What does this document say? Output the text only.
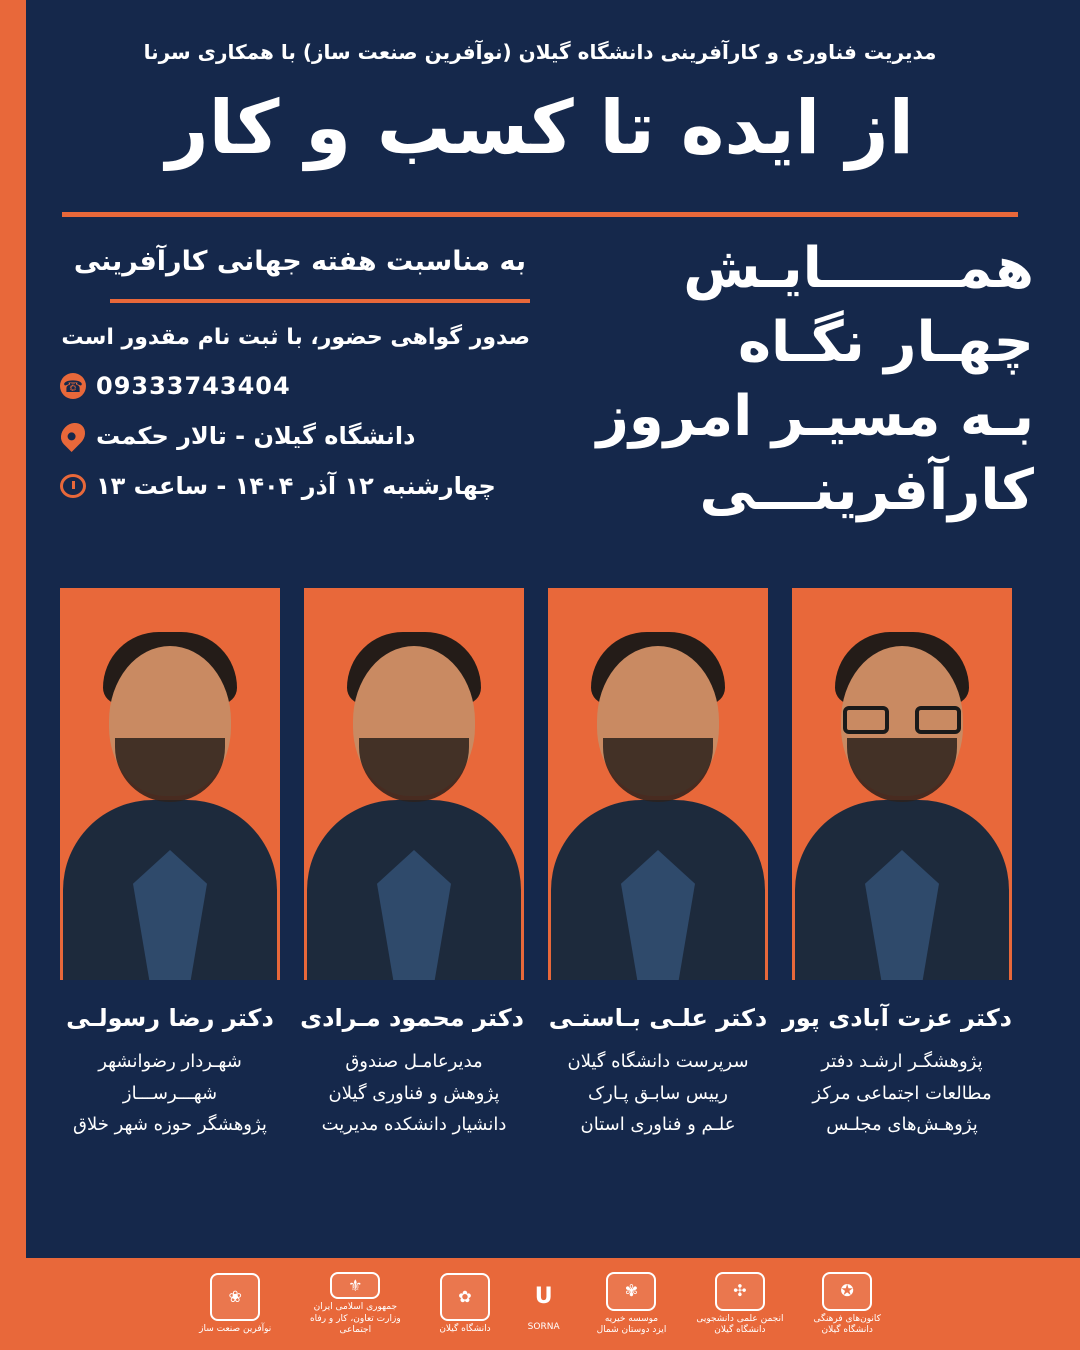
مدیریت فناوری و کارآفرینی دانشگاه گیلان (نوآفرین صنعت ساز) با همکاری سرنا
از ایده تا کسب و کار
همـــــــایـش
چهـار نگـاه
بـه مسیـر امروز
کارآفرینـــی
به مناسبت هفته جهانی کارآفرینی
صدور گواهی حضور، با ثبت نام مقدور است
☎
09333743404
دانشگاه گیلان - تالار حکمت
چهارشنبه ۱۲ آذر ۱۴۰۴ - ساعت ۱۳
دکتر رضا رسولـی
شهـردار رضوانشهر
شهـــرســـاز
پژوهشگر حوزه شهر خلاق
دکتر محمود مـرادی
مدیرعامـل صندوق
پژوهش و فناوری گیلان
دانشیار دانشکده مدیریت
دکتر علـی بـاستـی
سرپرست دانشگاه گیلان
رییس سابـق پـارک
علـم و فناوری استان
دکتر عزت آبادی پور
پژوهشگـر ارشـد دفتر
مطالعات اجتماعی مرکز
پژوهـش‌های مجلـس
❀
نوآفرین صنعت ساز
⚜
جمهوری اسلامی ایران
وزارت تعاون، کار و رفاه اجتماعی
✿
دانشگاه گیلان
U
SORNA
✾
موسسه خیریه
ایزد دوستان شمال
✣
انجمن علمی دانشجویی
دانشگاه گیلان
✪
کانون‌های فرهنگی
دانشگاه گیلان
